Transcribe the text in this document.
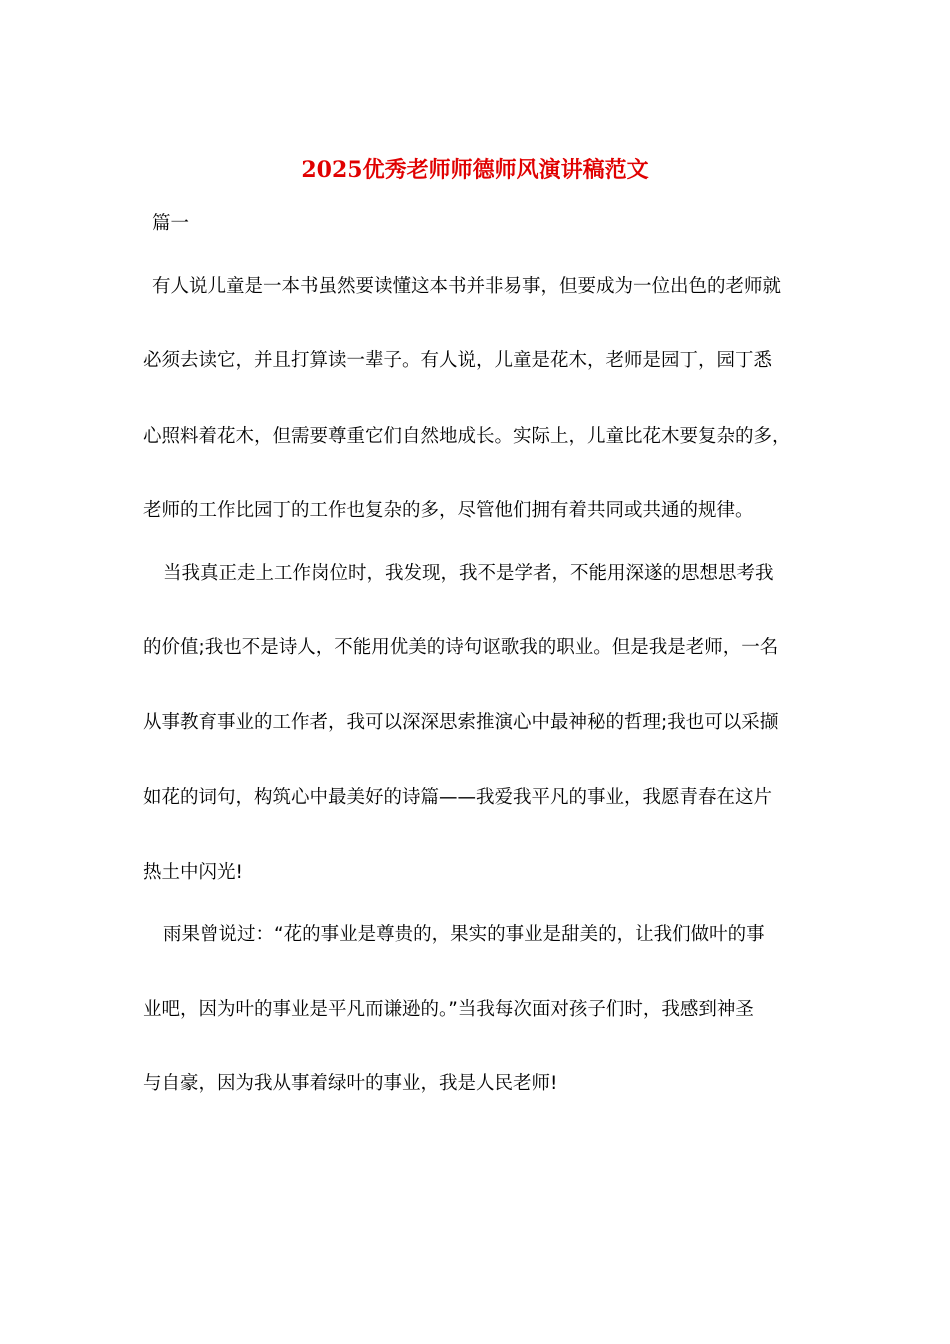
2025优秀老师师德师风演讲稿范文
篇一
有人说儿童是一本书虽然要读懂这本书并非易事，但要成为一位出色的老师就
必须去读它，并且打算读一辈子。有人说，儿童是花木，老师是园丁，园丁悉
心照料着花木，但需要尊重它们自然地成长。实际上，儿童比花木要复杂的多，
老师的工作比园丁的工作也复杂的多，尽管他们拥有着共同或共通的规律。
当我真正走上工作岗位时，我发现，我不是学者，不能用深遂的思想思考我
的价值;我也不是诗人，不能用优美的诗句讴歌我的职业。但是我是老师，一名
从事教育事业的工作者，我可以深深思索推演心中最神秘的哲理;我也可以采撷
如花的词句，构筑心中最美好的诗篇——我爱我平凡的事业，我愿青春在这片
热土中闪光!
雨果曾说过：“花的事业是尊贵的，果实的事业是甜美的，让我们做叶的事
业吧，因为叶的事业是平凡而谦逊的。”当我每次面对孩子们时，我感到神圣
与自豪，因为我从事着绿叶的事业，我是人民老师!
